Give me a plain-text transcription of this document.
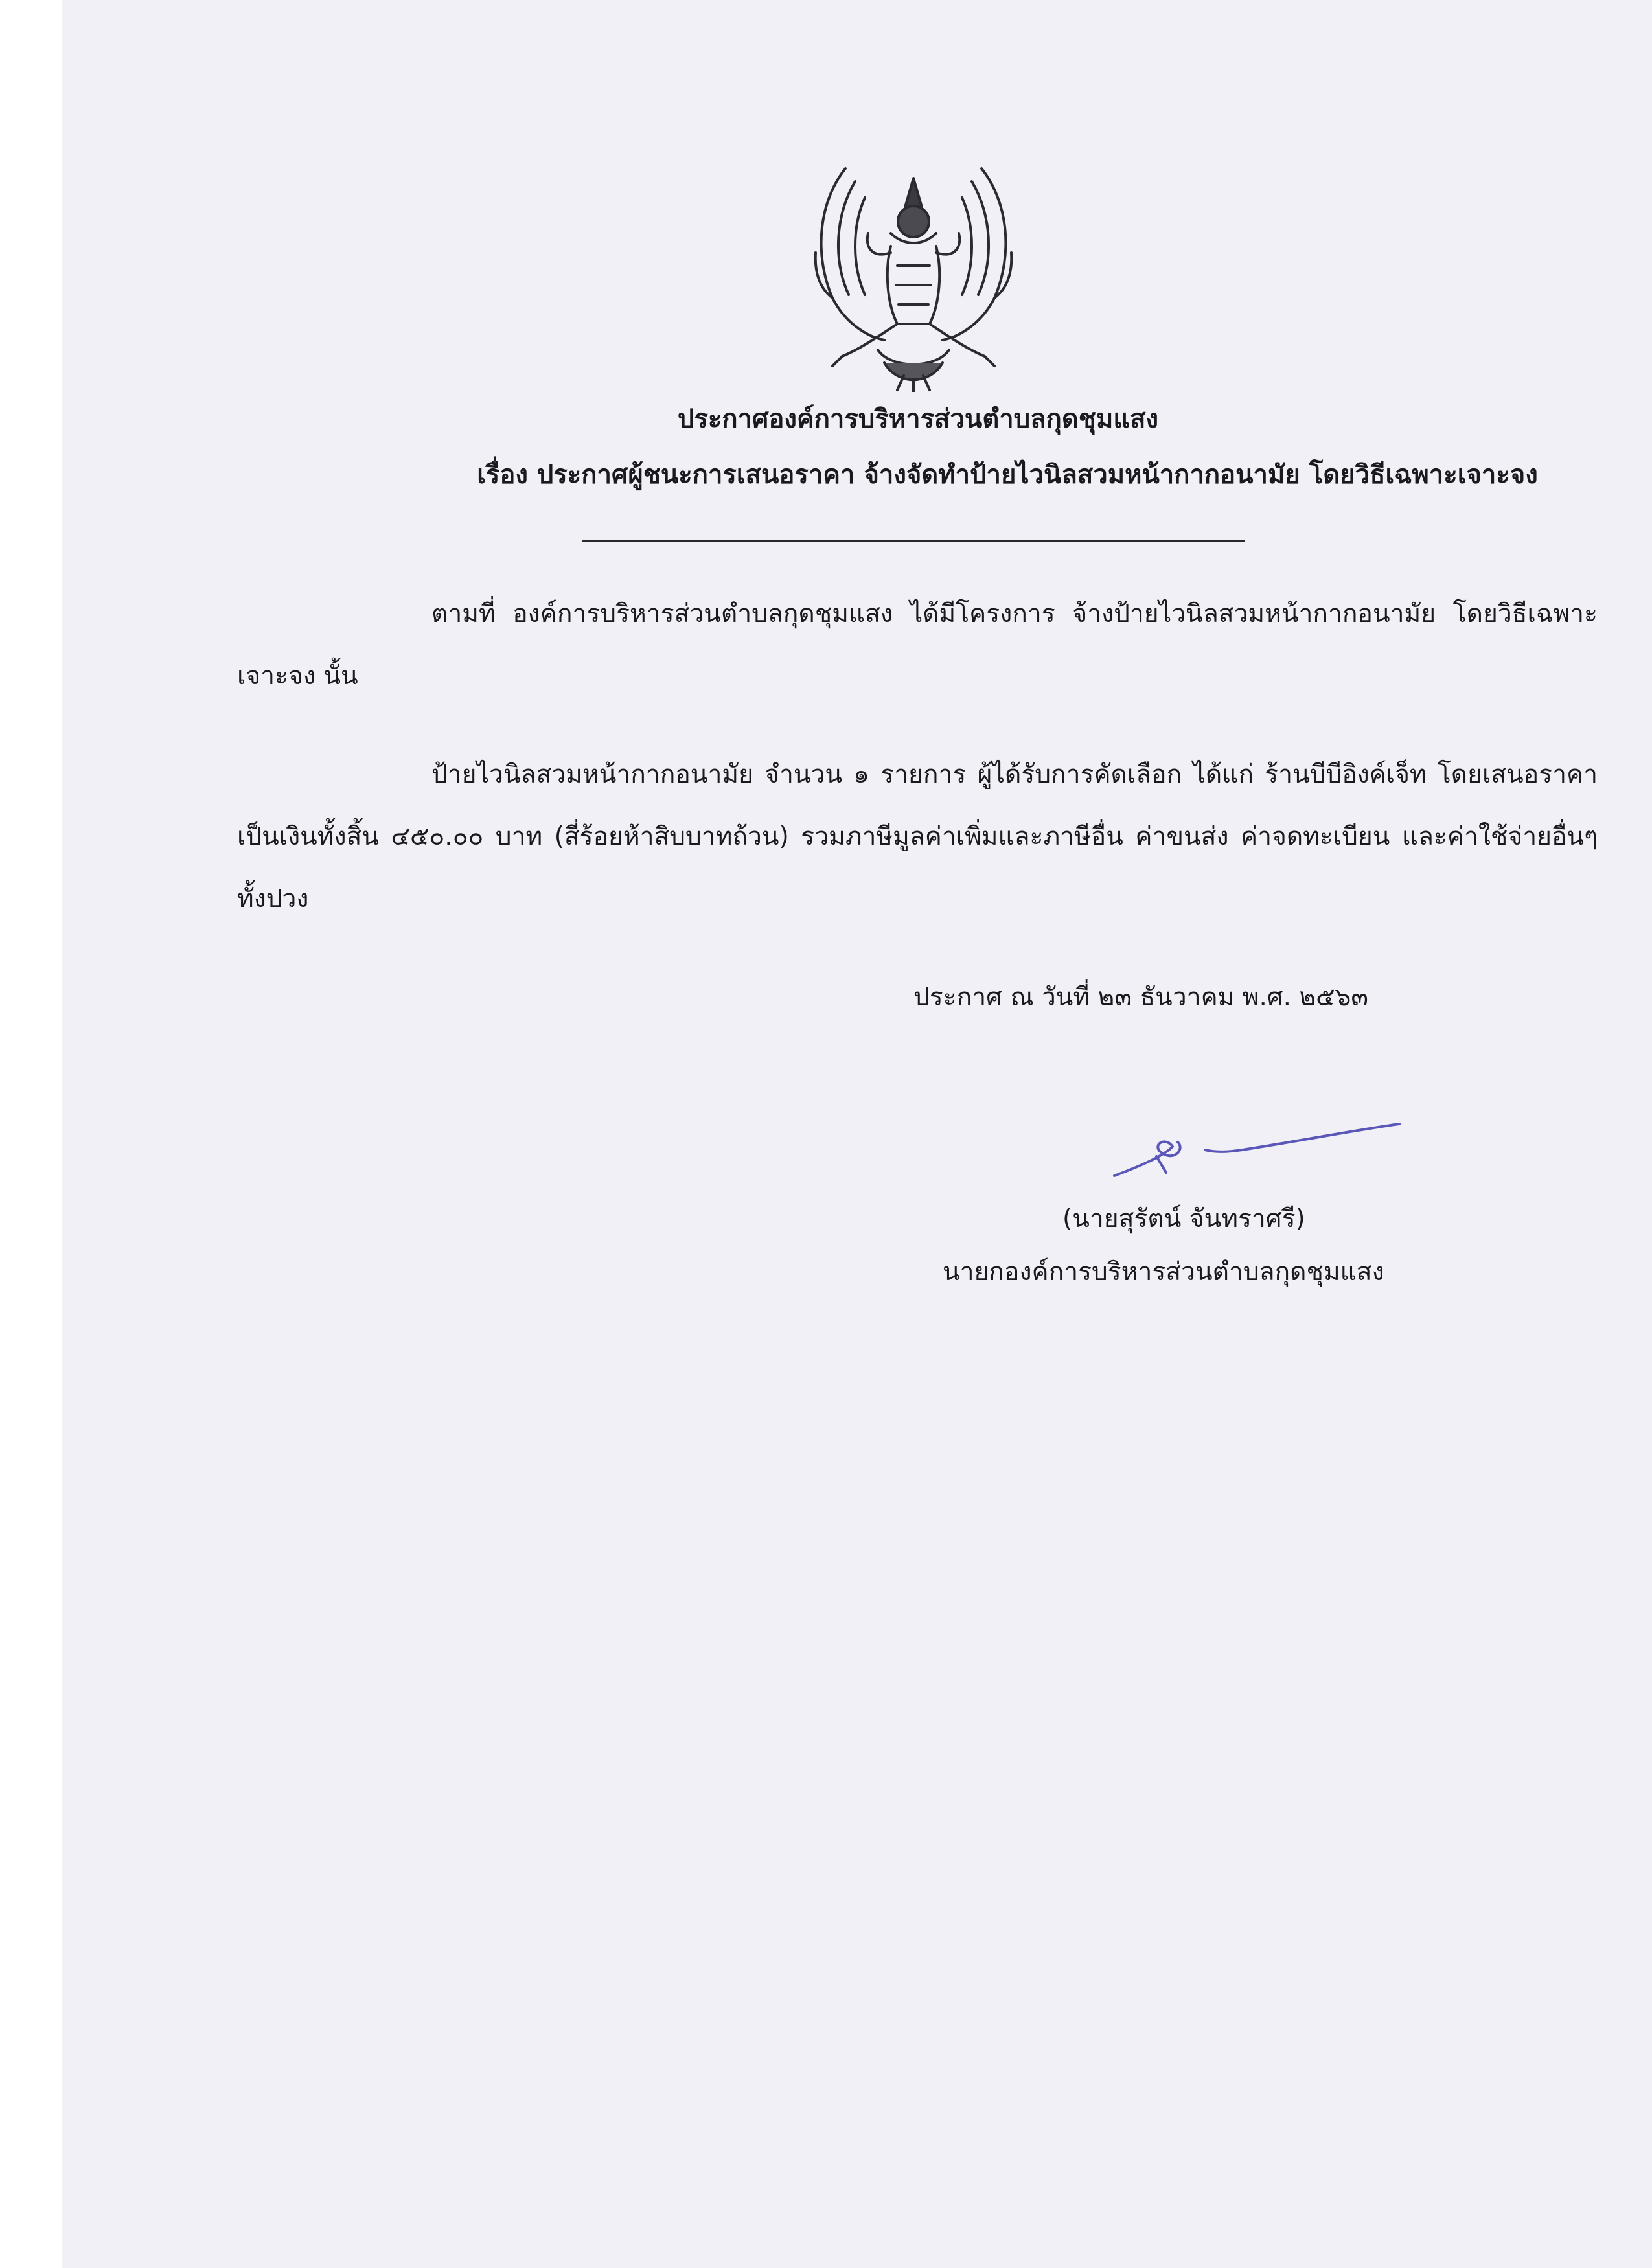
ประกาศองค์การบริหารส่วนตำบลกุดชุมแสง
เรื่อง ประกาศผู้ชนะการเสนอราคา จ้างจัดทำป้ายไวนิลสวมหน้ากากอนามัย โดยวิธีเฉพาะเจาะจง
ตามที่ องค์การบริหารส่วนตำบลกุดชุมแสง ได้มีโครงการ จ้างป้ายไวนิลสวมหน้ากากอนามัย โดยวิธีเฉพาะเจาะจง นั้น
ป้ายไวนิลสวมหน้ากากอนามัย จำนวน ๑ รายการ ผู้ได้รับการคัดเลือก ได้แก่ ร้านบีบีอิงค์เจ็ท โดยเสนอราคา เป็นเงินทั้งสิ้น ๔๕๐.๐๐ บาท (สี่ร้อยห้าสิบบาทถ้วน) รวมภาษีมูลค่าเพิ่มและภาษีอื่น ค่าขนส่ง ค่าจดทะเบียน และค่าใช้จ่ายอื่นๆ ทั้งปวง
ประกาศ ณ วันที่ ๒๓ ธันวาคม พ.ศ. ๒๕๖๓
(นายสุรัตน์ จันทราศรี)
นายกองค์การบริหารส่วนตำบลกุดชุมแสง
